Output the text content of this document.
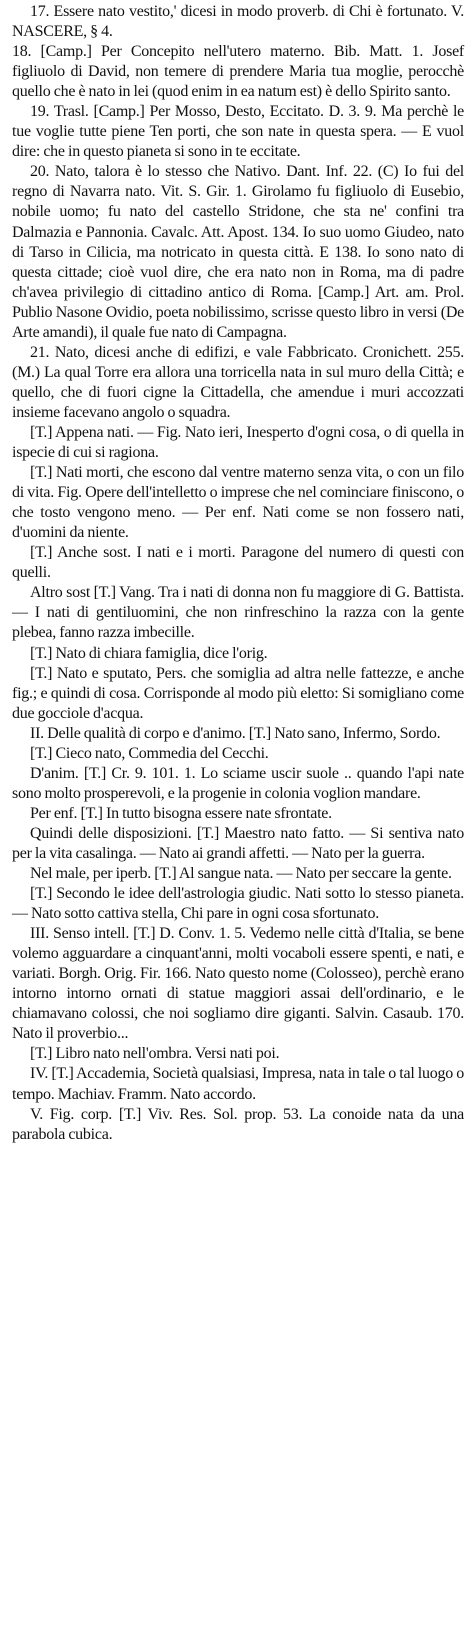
17. Essere nato vestito,' dicesi in modo proverb. di Chi è fortunato. V. NASCERE, § 4.

18. [Camp.] Per Concepito nell'utero materno. Bib. Matt. 1. Josef figliuolo di David, non temere di prendere Maria tua moglie, perocchè quello che è nato in lei (quod enim in ea natum est) è dello Spirito santo.

19. Trasl. [Camp.] Per Mosso, Desto, Eccitato. D. 3. 9. Ma perchè le tue voglie tutte piene Ten porti, che son nate in questa spera. — E vuol dire: che in questo pianeta si sono in te eccitate.

20. Nato, talora è lo stesso che Nativo. Dant. Inf. 22. (C) Io fui del regno di Navarra nato. Vit. S. Gir. 1. Girolamo fu figliuolo di Eusebio, nobile uomo; fu nato del castello Stridone, che sta ne' confini tra Dalmazia e Pannonia. Cavalc. Att. Apost. 134. Io suo uomo Giudeo, nato di Tarso in Cilicia, ma notricato in questa città. E 138. Io sono nato di questa cittade; cioè vuol dire, che era nato non in Roma, ma di padre ch'avea privilegio di cittadino antico di Roma. [Camp.] Art. am. Prol. Publio Nasone Ovidio, poeta nobilissimo, scrisse questo libro in versi (De Arte amandi), il quale fue nato di Campagna.

21. Nato, dicesi anche di edifizi, e vale Fabbricato. Cronichett. 255. (M.) La qual Torre era allora una torricella nata in sul muro della Città; e quello, che di fuori cigne la Cittadella, che amendue i muri accozzati insieme facevano angolo o squadra.

[T.] Appena nati. — Fig. Nato ieri, Inesperto d'ogni cosa, o di quella in ispecie di cui si ragiona.

[T.] Nati morti, che escono dal ventre materno senza vita, o con un filo di vita. Fig. Opere dell'intelletto o imprese che nel cominciare finiscono, o che tosto vengono meno. — Per enf. Nati come se non fossero nati, d'uomini da niente.

[T.] Anche sost. I nati e i morti. Paragone del numero di questi con quelli.

Altro sost [T.] Vang. Tra i nati di donna non fu maggiore di G. Battista. — I nati di gentiluomini, che non rinfreschino la razza con la gente plebea, fanno razza imbecille.

[T.] Nato di chiara famiglia, dice l'orig.

[T.] Nato e sputato, Pers. che somiglia ad altra nelle fattezze, e anche fig.; e quindi di cosa. Corrisponde al modo più eletto: Si somigliano come due gocciole d'acqua.

II. Delle qualità di corpo e d'animo. [T.] Nato sano, Infermo, Sordo.

[T.] Cieco nato, Commedia del Cecchi.

D'anim. [T.] Cr. 9. 101. 1. Lo sciame uscir suole .. quando l'api nate sono molto prosperevoli, e la progenie in colonia voglion mandare.

Per enf. [T.] In tutto bisogna essere nate sfrontate.

Quindi delle disposizioni. [T.] Maestro nato fatto. — Si sentiva nato per la vita casalinga. — Nato ai grandi affetti. — Nato per la guerra.

Nel male, per iperb. [T.] Al sangue nata. — Nato per seccare la gente.

[T.] Secondo le idee dell'astrologia giudic. Nati sotto lo stesso pianeta. — Nato sotto cattiva stella, Chi pare in ogni cosa sfortunato.

III. Senso intell. [T.] D. Conv. 1. 5. Vedemo nelle città d'Italia, se bene volemo agguardare a cinquant'anni, molti vocaboli essere spenti, e nati, e variati. Borgh. Orig. Fir. 166. Nato questo nome (Colosseo), perchè erano intorno intorno ornati di statue maggiori assai dell'ordinario, e le chiamavano colossi, che noi sogliamo dire giganti. Salvin. Casaub. 170. Nato il proverbio...

[T.] Libro nato nell'ombra. Versi nati poi.

IV. [T.] Accademia, Società qualsiasi, Impresa, nata in tale o tal luogo o tempo. Machiav. Framm. Nato accordo.

V. Fig. corp. [T.] Viv. Res. Sol. prop. 53. La conoide nata da una parabola cubica.
